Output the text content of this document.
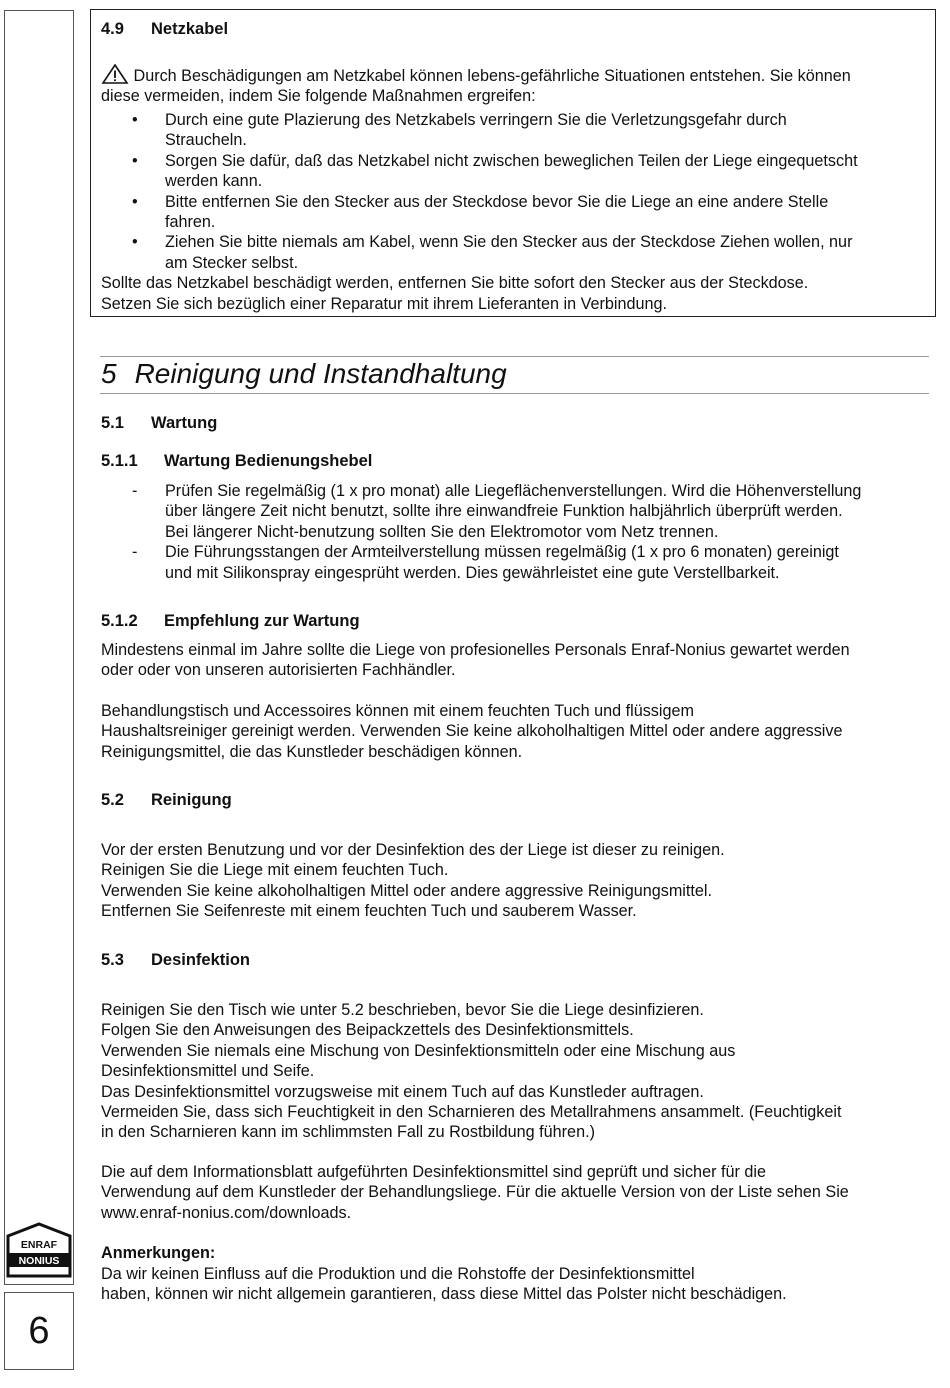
ENRAF
NONIUS
6
4.9 Netzkabel
Durch Beschädigungen am Netzkabel können lebens-gefährliche Situationen entstehen. Sie können
diese vermeiden, indem Sie folgende Maßnahmen ergreifen:
• Durch eine gute Plazierung des Netzkabels verringern Sie die Verletzungsgefahr durch
Straucheln.
• Sorgen Sie dafür, daß das Netzkabel nicht zwischen beweglichen Teilen der Liege eingequetscht
werden kann.
• Bitte entfernen Sie den Stecker aus der Steckdose bevor Sie die Liege an eine andere Stelle
fahren.
• Ziehen Sie bitte niemals am Kabel, wenn Sie den Stecker aus der Steckdose Ziehen wollen, nur
am Stecker selbst.
Sollte das Netzkabel beschädigt werden, entfernen Sie bitte sofort den Stecker aus der Steckdose.
Setzen Sie sich bezüglich einer Reparatur mit ihrem Lieferanten in Verbindung.
5 Reinigung und Instandhaltung
5.1 Wartung
5.1.1 Wartung Bedienungshebel
- Prüfen Sie regelmäßig (1 x pro monat) alle Liegeflächenverstellungen. Wird die Höhenverstellung
über längere Zeit nicht benutzt, sollte ihre einwandfreie Funktion halbjährlich überprüft werden.
Bei längerer Nicht-benutzung sollten Sie den Elektromotor vom Netz trennen.
- Die Führungsstangen der Armteilverstellung müssen regelmäßig (1 x pro 6 monaten) gereinigt
und mit Silikonspray eingesprüht werden. Dies gewährleistet eine gute Verstellbarkeit.
5.1.2 Empfehlung zur Wartung
Mindestens einmal im Jahre sollte die Liege von profesionelles Personals Enraf-Nonius gewartet werden
oder oder von unseren autorisierten Fachhändler.
Behandlungstisch und Accessoires können mit einem feuchten Tuch und flüssigem
Haushaltsreiniger gereinigt werden. Verwenden Sie keine alkoholhaltigen Mittel oder andere aggressive
Reinigungsmittel, die das Kunstleder beschädigen können.
5.2 Reinigung
Vor der ersten Benutzung und vor der Desinfektion des der Liege ist dieser zu reinigen.
Reinigen Sie die Liege mit einem feuchten Tuch.
Verwenden Sie keine alkoholhaltigen Mittel oder andere aggressive Reinigungsmittel.
Entfernen Sie Seifenreste mit einem feuchten Tuch und sauberem Wasser.
5.3 Desinfektion
Reinigen Sie den Tisch wie unter 5.2 beschrieben, bevor Sie die Liege desinfizieren.
Folgen Sie den Anweisungen des Beipackzettels des Desinfektionsmittels.
Verwenden Sie niemals eine Mischung von Desinfektionsmitteln oder eine Mischung aus
Desinfektionsmittel und Seife.
Das Desinfektionsmittel vorzugsweise mit einem Tuch auf das Kunstleder auftragen.
Vermeiden Sie, dass sich Feuchtigkeit in den Scharnieren des Metallrahmens ansammelt. (Feuchtigkeit
in den Scharnieren kann im schlimmsten Fall zu Rostbildung führen.)
Die auf dem Informationsblatt aufgeführten Desinfektionsmittel sind geprüft und sicher für die
Verwendung auf dem Kunstleder der Behandlungsliege. Für die aktuelle Version von der Liste sehen Sie
www.enraf-nonius.com/downloads.
Anmerkungen:
Da wir keinen Einfluss auf die Produktion und die Rohstoffe der Desinfektionsmittel
haben, können wir nicht allgemein garantieren, dass diese Mittel das Polster nicht beschädigen.
